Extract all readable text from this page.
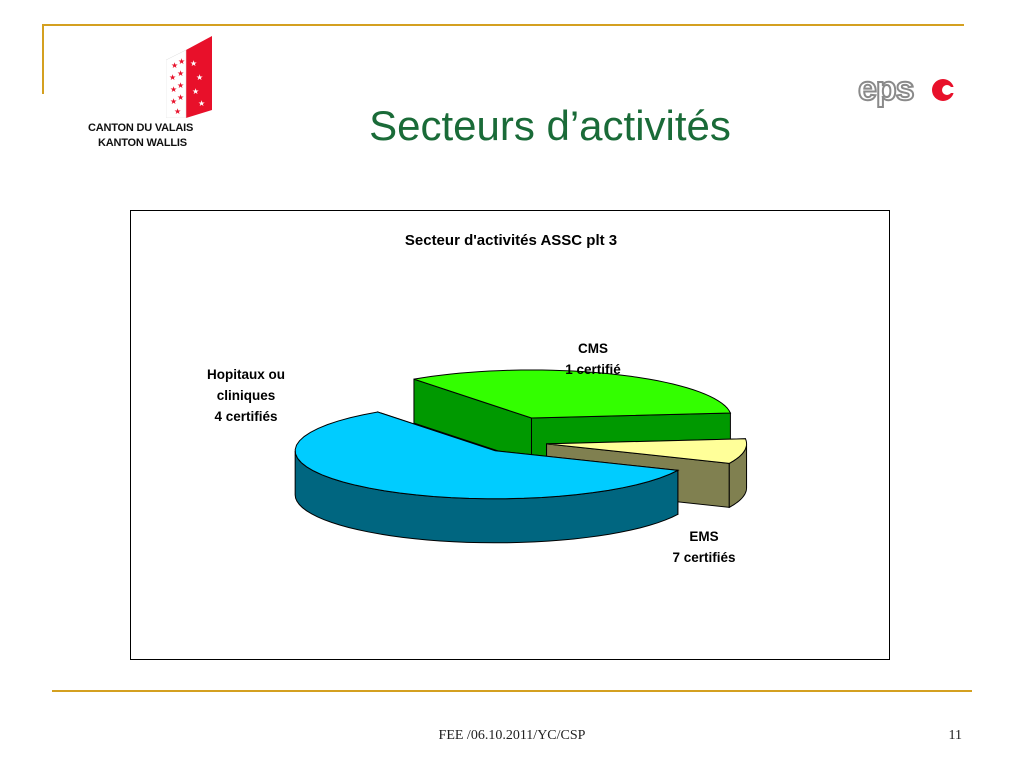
★ ★
★ ★
★ ★
★ ★
★
★
★
★
★
CANTON DU VALAIS
KANTON WALLIS
eps
Secteurs d’activités
Secteur d'activités ASSC plt 3
Hopitaux ou
cliniques
4 certifiés
CMS
1 certifié
EMS
7 certifiés
FEE /06.10.2011/YC/CSP	11
